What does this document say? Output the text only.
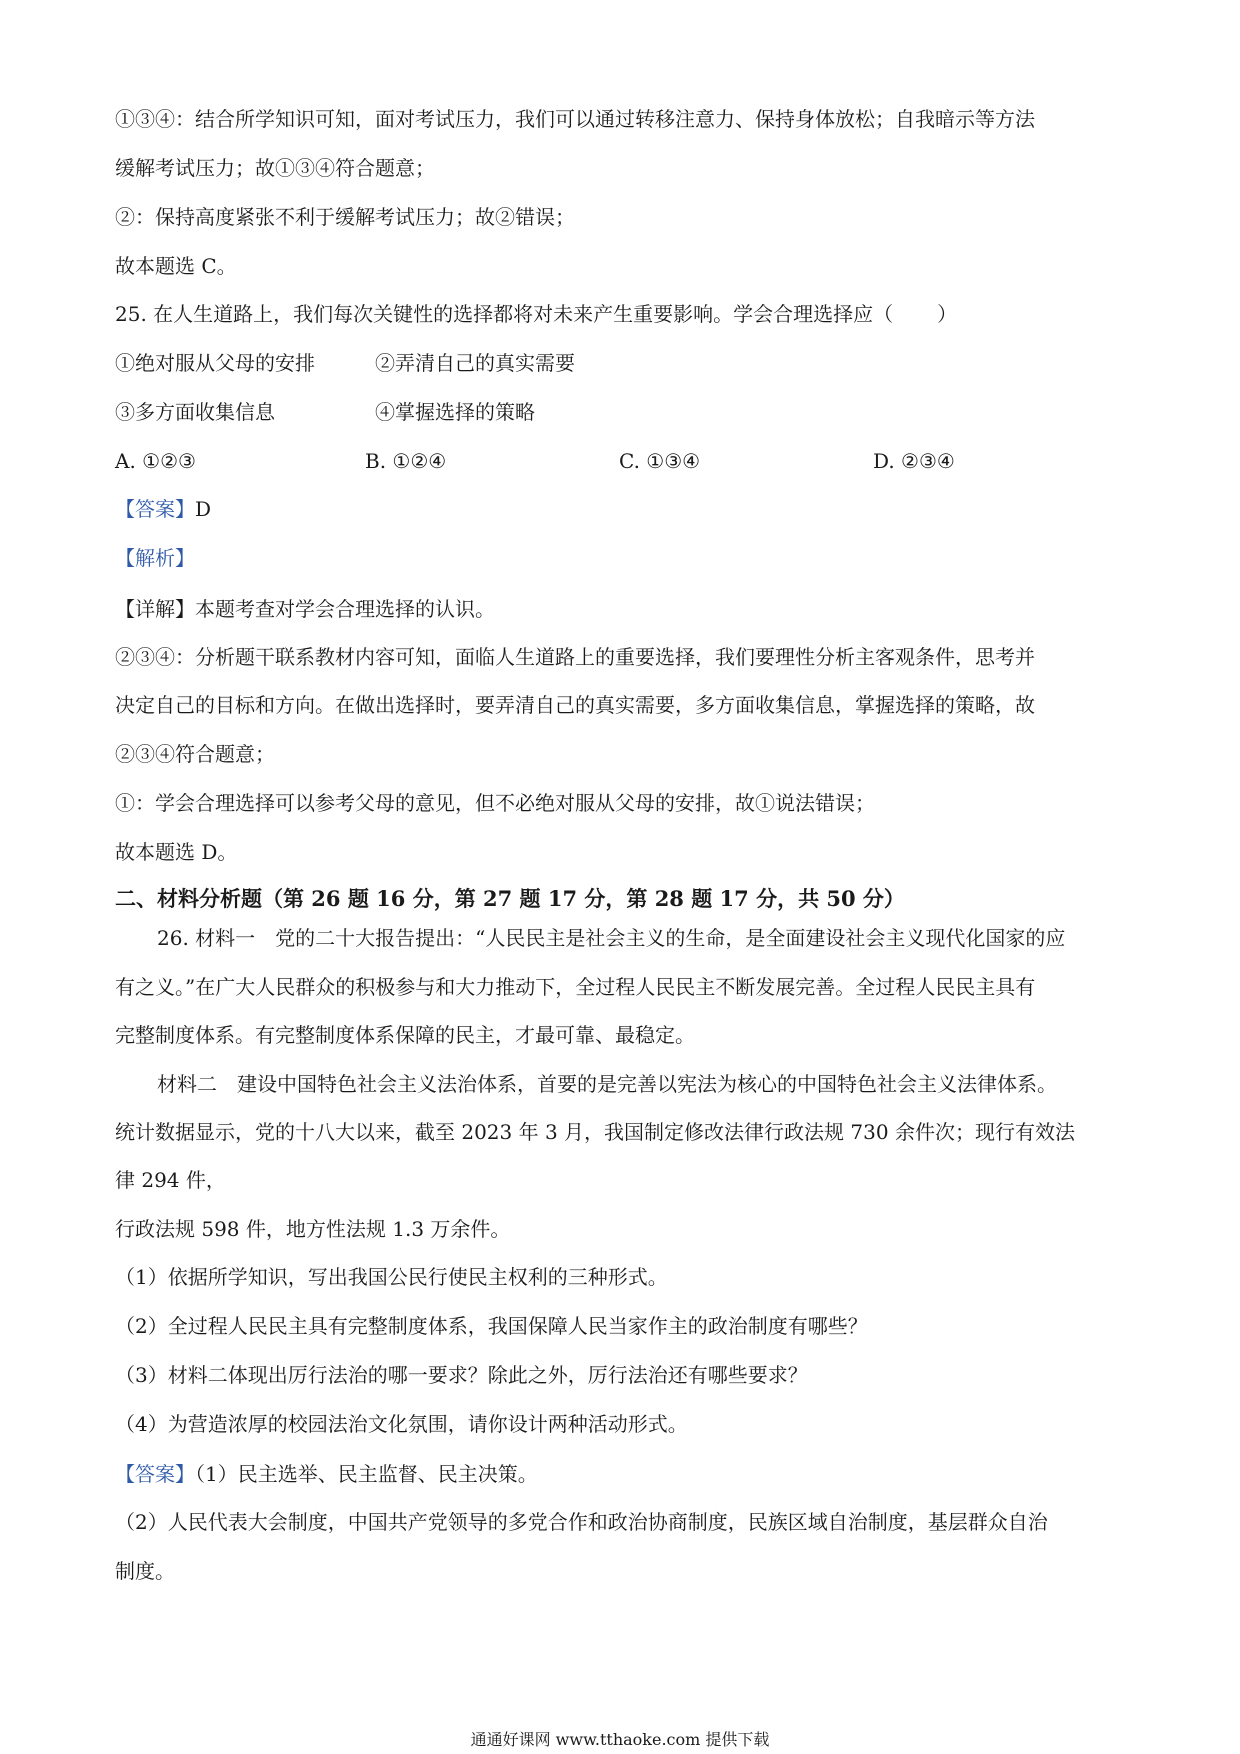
①③④：结合所学知识可知，面对考试压力，我们可以通过转移注意力、保持身体放松；自我暗示等方法
缓解考试压力；故①③④符合题意；
②：保持高度紧张不利于缓解考试压力；故②错误；
故本题选 C。
25. 在人生道路上，我们每次关键性的选择都将对未来产生重要影响。学会合理选择应（ ）
①绝对服从父母的安排　　　②弄清自己的真实需要
③多方面收集信息　　　　　④掌握选择的策略
A. ①②③	B. ①②④	C. ①③④	D. ②③④
【答案】D
【解析】
【详解】本题考查对学会合理选择的认识。
②③④：分析题干联系教材内容可知，面临人生道路上的重要选择，我们要理性分析主客观条件，思考并
决定自己的目标和方向。在做出选择时，要弄清自己的真实需要，多方面收集信息，掌握选择的策略，故
②③④符合题意；
①：学会合理选择可以参考父母的意见，但不必绝对服从父母的安排，故①说法错误；
故本题选 D。
二、材料分析题（第 26 题 16 分，第 27 题 17 分，第 28 题 17 分，共 50 分）
26. 材料一　党的二十大报告提出：“人民民主是社会主义的生命，是全面建设社会主义现代化国家的应
有之义。”在广大人民群众的积极参与和大力推动下，全过程人民民主不断发展完善。全过程人民民主具有
完整制度体系。有完整制度体系保障的民主，才最可靠、最稳定。
材料二　建设中国特色社会主义法治体系，首要的是完善以宪法为核心的中国特色社会主义法律体系。
统计数据显示，党的十八大以来，截至 2023 年 3 月，我国制定修改法律行政法规 730 余件次；现行有效法
律 294 件，
行政法规 598 件，地方性法规 1.3 万余件。
（1）依据所学知识，写出我国公民行使民主权利的三种形式。
（2）全过程人民民主具有完整制度体系，我国保障人民当家作主的政治制度有哪些？
（3）材料二体现出厉行法治的哪一要求？除此之外，厉行法治还有哪些要求？
（4）为营造浓厚的校园法治文化氛围，请你设计两种活动形式。
【答案】（1）民主选举、民主监督、民主决策。
（2）人民代表大会制度，中国共产党领导的多党合作和政治协商制度，民族区域自治制度，基层群众自治
制度。
通通好课网 www.tthaoke.com 提供下载
